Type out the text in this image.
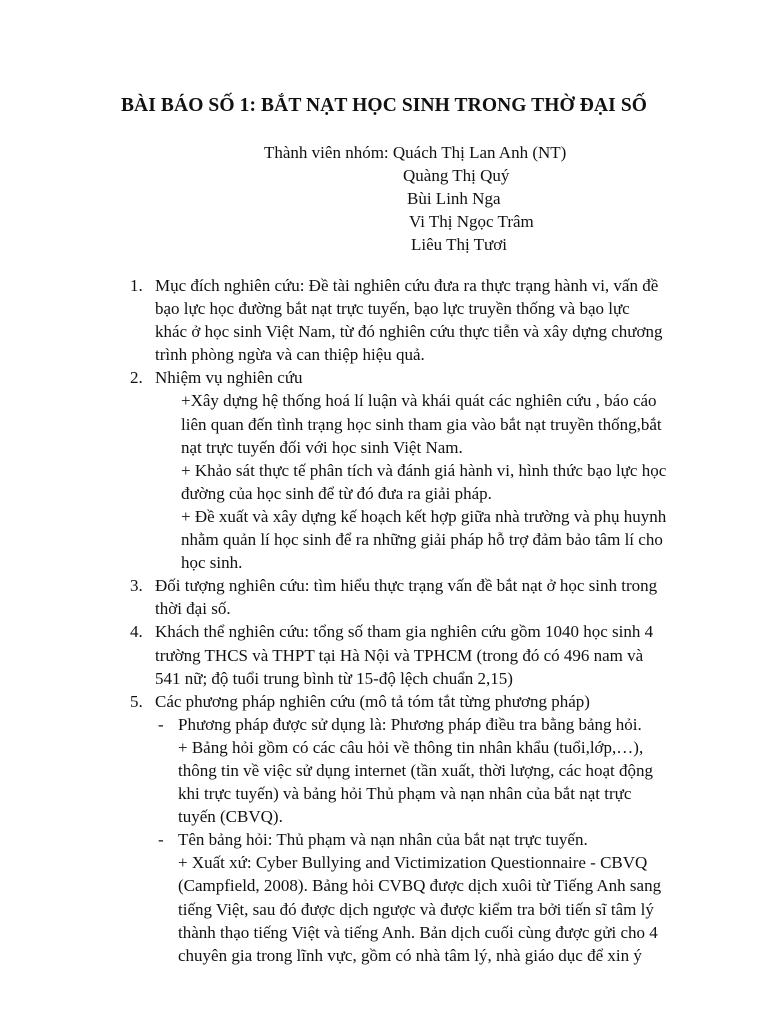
BÀI BÁO SỐ 1: BẮT NẠT HỌC SINH TRONG THỜ ĐẠI SỐ
Thành viên nhóm: Quách Thị Lan Anh (NT)
Quàng Thị Quý
Bùi Linh Nga
Vi Thị Ngọc Trâm
Liêu Thị Tươi
1. Mục đích nghiên cứu: Đề tài nghiên cứu đưa ra thực trạng hành vi, vấn đề
bạo lực học đường bắt nạt trực tuyến, bạo lực truyền thống và bạo lực
khác ở học sinh Việt Nam, từ đó nghiên cứu thực tiễn và xây dựng chương
trình phòng ngừa và can thiệp hiệu quả.

2. Nhiệm vụ nghiên cứu

+Xây dựng hệ thống hoá lí luận và khái quát các nghiên cứu , báo cáo
liên quan đến tình trạng học sinh tham gia vào bắt nạt truyền thống,bắt
nạt trực tuyến đối với học sinh Việt Nam.

+ Khảo sát thực tế phân tích và đánh giá hành vi, hình thức bạo lực học
đường của học sinh để từ đó đưa ra giải pháp.

+ Đề xuất và xây dựng kế hoạch kết hợp giữa nhà trường và phụ huynh
nhằm quản lí học sinh để ra những giải pháp hỗ trợ đảm bảo tâm lí cho
học sinh.

3. Đối tượng nghiên cứu: tìm hiểu thực trạng vấn đề bắt nạt ở học sinh trong
thời đại số.

4. Khách thể nghiên cứu: tổng số tham gia nghiên cứu gồm 1040 học sinh 4
trường THCS và THPT tại Hà Nội và TPHCM (trong đó có 496 nam và
541 nữ; độ tuổi trung bình từ 15-độ lệch chuẩn 2,15)

5. Các phương pháp nghiên cứu (mô tả tóm tắt từng phương pháp)

- Phương pháp được sử dụng là: Phương pháp điều tra bằng bảng hỏi.
+ Bảng hỏi gồm có các câu hỏi về thông tin nhân khẩu (tuổi,lớp,…),
thông tin về việc sử dụng internet (tần xuất, thời lượng, các hoạt động
khi trực tuyến) và bảng hỏi Thủ phạm và nạn nhân của bắt nạt trực
tuyến (CBVQ).
- Tên bảng hỏi: Thủ phạm và nạn nhân của bắt nạt trực tuyến.
+ Xuất xứ: Cyber Bullying and Victimization Questionnaire - CBVQ
(Campfield, 2008). Bảng hỏi CVBQ được dịch xuôi từ Tiếng Anh sang
tiếng Việt, sau đó được dịch ngược và được kiểm tra bởi tiến sĩ tâm lý
thành thạo tiếng Việt và tiếng Anh. Bản dịch cuối cùng được gửi cho 4
chuyên gia trong lĩnh vực, gồm có nhà tâm lý, nhà giáo dục để xin ý
